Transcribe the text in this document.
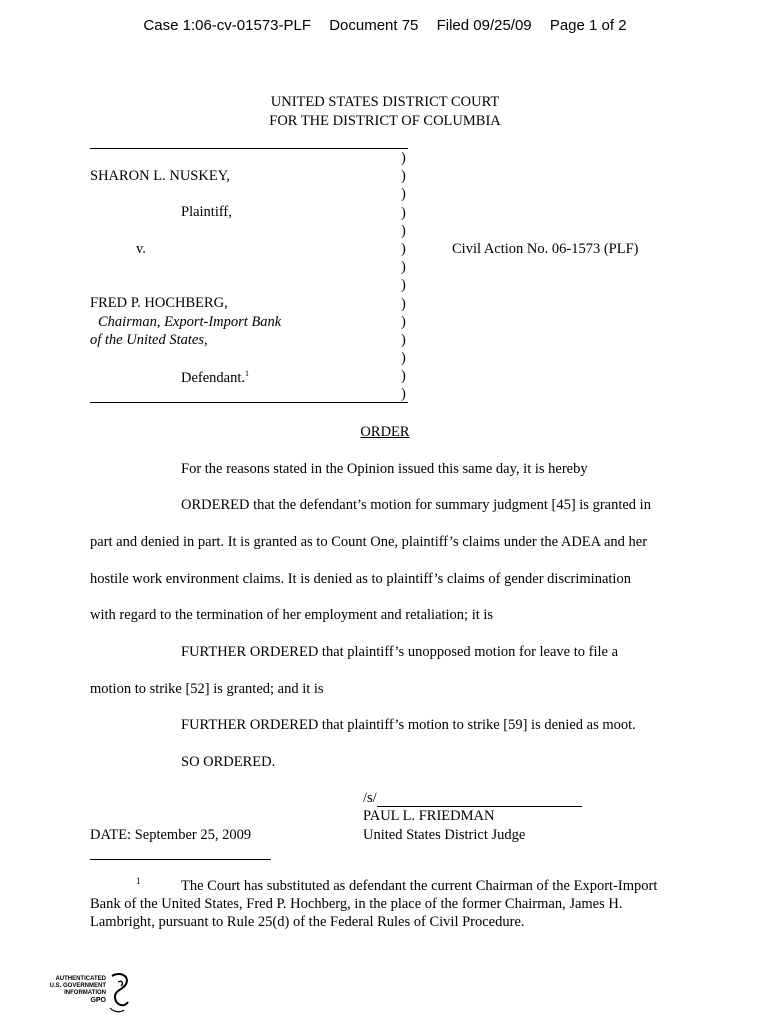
Case 1:06-cv-01573-PLF Document 75 Filed 09/25/09 Page 1 of 2
UNITED STATES DISTRICT COURT
FOR THE DISTRICT OF COLUMBIA
)
)
)
)
)
)
)
)
)
)
)
)
)
)
SHARON L. NUSKEY,
Plaintiff,
v.	Civil Action No. 06-1573 (PLF)
FRED P. HOCHBERG,
Chairman, Export-Import Bank
of the United States,
Defendant.$^1$
ORDER
For the reasons stated in the Opinion issued this same day, it is hereby
ORDERED that the defendant’s motion for summary judgment [45] is granted in
part and denied in part. It is granted as to Count One, plaintiff’s claims under the ADEA and her
hostile work environment claims. It is denied as to plaintiff’s claims of gender discrimination
with regard to the termination of her employment and retaliation; it is
FURTHER ORDERED that plaintiff’s unopposed motion for leave to file a
motion to strike [52] is granted; and it is
FURTHER ORDERED that plaintiff’s motion to strike [59] is denied as moot.
SO ORDERED.
/s/
PAUL L. FRIEDMAN
United States District Judge
DATE: September 25, 2009
1	The Court has substituted as defendant the current Chairman of the Export-Import
Bank of the United States, Fred P. Hochberg, in the place of the former Chairman, James H.
Lambright, pursuant to Rule 25(d) of the Federal Rules of Civil Procedure.
AUTHENTICATED
U.S. GOVERNMENT
INFORMATION
GPO
